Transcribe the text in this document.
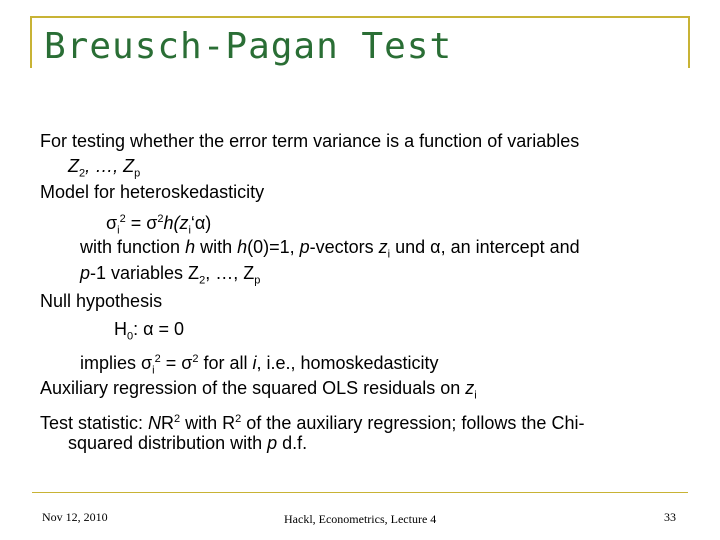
Breusch-Pagan Test
For testing whether the error term variance is a function of variables
$Z_2$, …, $Z_p$
Model for heteroskedasticity
$\sigma_i^2$ = $\sigma^2h(z_i‘\alpha)$
with function h with h(0)=1, p-vectors $z_i$ und α, an intercept and
p-1 variables $Z_2$, …, $Z_p$
Null hypothesis
$H_0$: α = 0
implies $\sigma_i^2 = \sigma^2$ for all i, i.e., homoskedasticity
Auxiliary regression of the squared OLS residuals on $z_i$
Test statistic: $NR^2$ with $R^2$ of the auxiliary regression; follows the Chi-
squared distribution with p d.f.
Nov 12, 2010	Hackl, Econometrics, Lecture 4	33
